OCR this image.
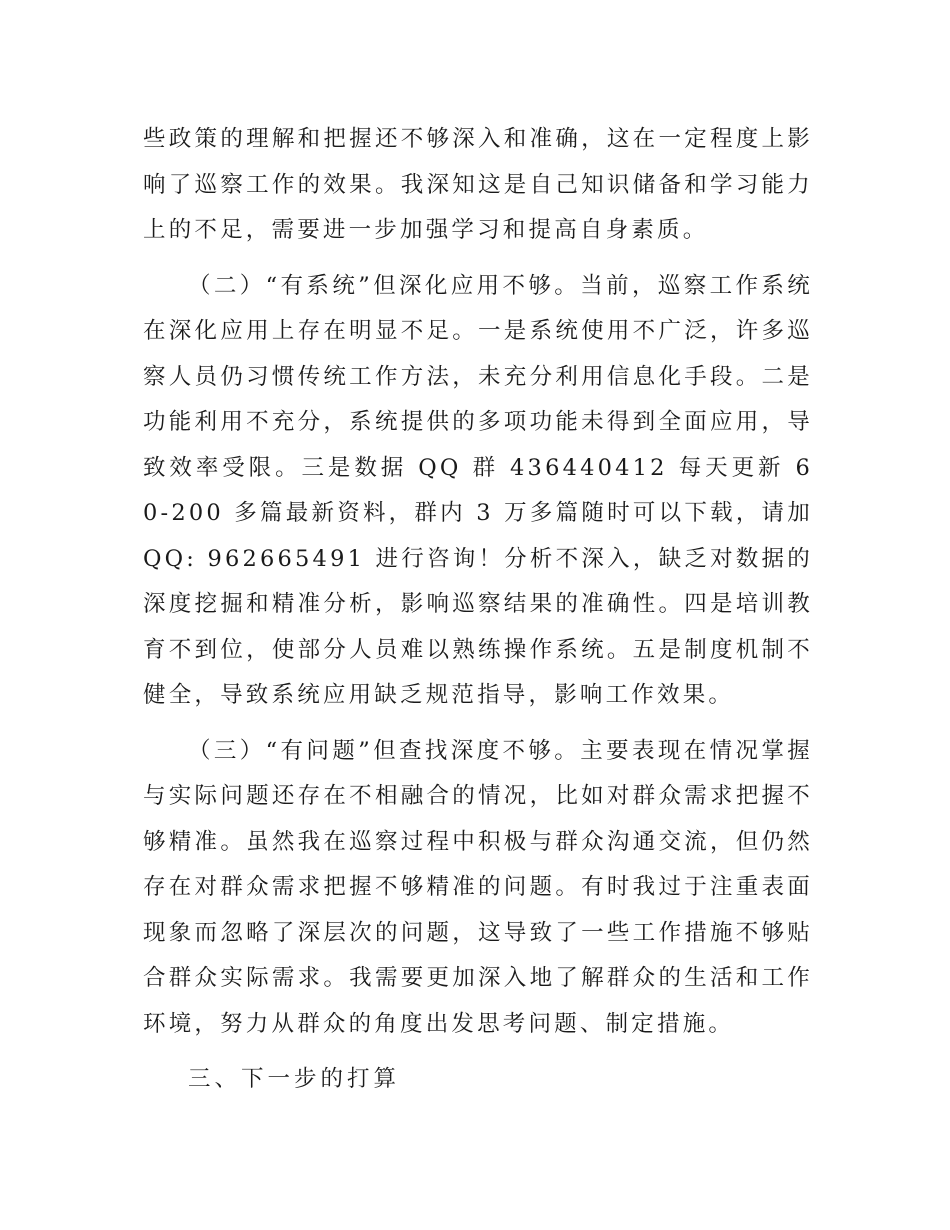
些政策的理解和把握还不够深入和准确，这在一定程度上影响了巡察工作的效果。我深知这是自己知识储备和学习能力上的不足，需要进一步加强学习和提高自身素质。

（二）“有系统”但深化应用不够。当前，巡察工作系统在深化应用上存在明显不足。一是系统使用不广泛，许多巡察人员仍习惯传统工作方法，未充分利用信息化手段。二是功能利用不充分，系统提供的多项功能未得到全面应用，导致效率受限。三是数据 QQ 群 436440412 每天更新 60-200 多篇最新资料，群内 3 万多篇随时可以下载，请加 QQ: 962665491 进行咨询！分析不深入，缺乏对数据的深度挖掘和精准分析，影响巡察结果的准确性。四是培训教育不到位，使部分人员难以熟练操作系统。五是制度机制不健全，导致系统应用缺乏规范指导，影响工作效果。

（三）“有问题”但查找深度不够。主要表现在情况掌握与实际问题还存在不相融合的情况，比如对群众需求把握不够精准。虽然我在巡察过程中积极与群众沟通交流，但仍然存在对群众需求把握不够精准的问题。有时我过于注重表面现象而忽略了深层次的问题，这导致了一些工作措施不够贴合群众实际需求。我需要更加深入地了解群众的生活和工作环境，努力从群众的角度出发思考问题、制定措施。

三、下一步的打算
